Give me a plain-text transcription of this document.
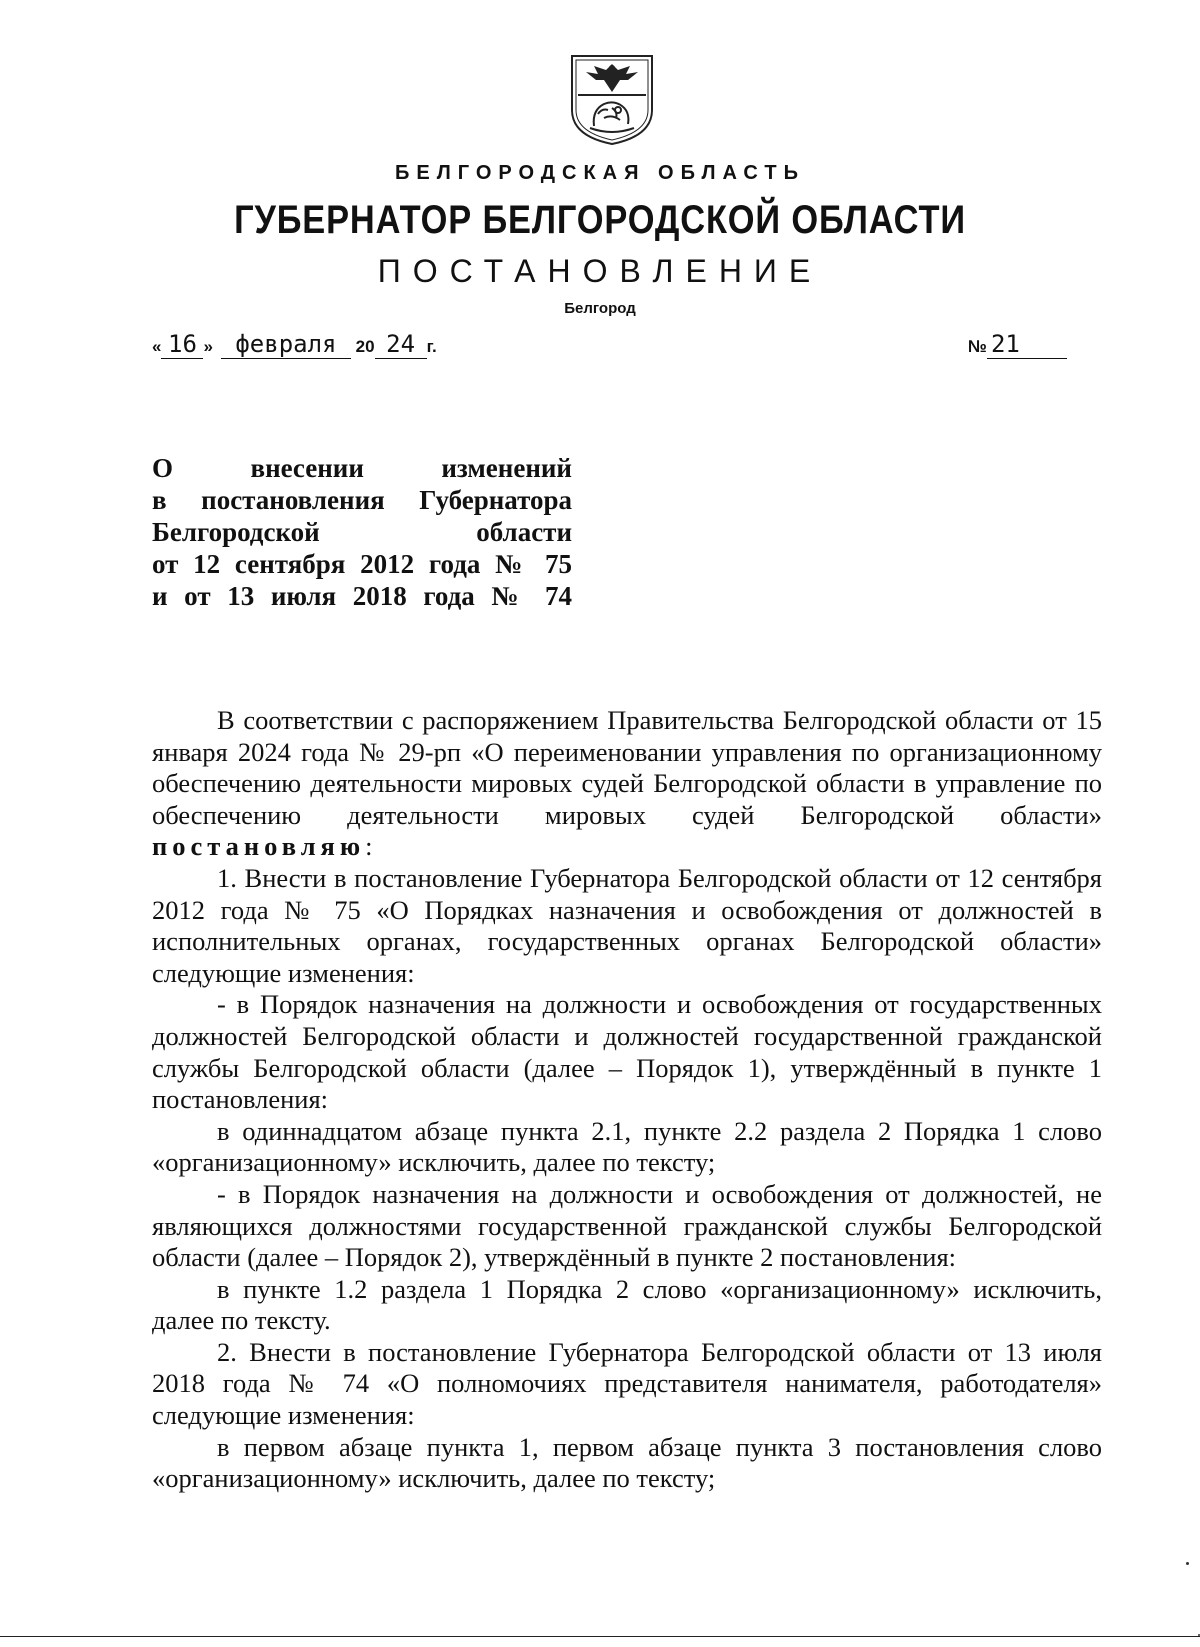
БЕЛГОРОДСКАЯ ОБЛАСТЬ
ГУБЕРНАТОР БЕЛГОРОДСКОЙ ОБЛАСТИ
ПОСТАНОВЛЕНИЕ
Белгород
« 16 » февраля 20 24 г.	№ 21
О	внесении	изменений
в постановления Губернатора
Белгородской	области
от 12 сентября 2012 года № 75
и от 13 июля 2018 года № 74

В соответствии с распоряжением Правительства Белгородской области от 15 января 2024 года № 29-рп «О переименовании управления по организационному обеспечению деятельности мировых судей Белгородской области в управление по обеспечению деятельности мировых судей Белгородской области» постановляю:

1. Внести в постановление Губернатора Белгородской области от 12 сентября 2012 года № 75 «О Порядках назначения и освобождения от должностей в исполнительных органах, государственных органах Белгородской области» следующие изменения:

- в Порядок назначения на должности и освобождения от государственных должностей Белгородской области и должностей государственной гражданской службы Белгородской области (далее – Порядок 1), утверждённый в пункте 1 постановления:

в одиннадцатом абзаце пункта 2.1, пункте 2.2 раздела 2 Порядка 1 слово «организационному» исключить, далее по тексту;

- в Порядок назначения на должности и освобождения от должностей, не являющихся должностями государственной гражданской службы Белгородской области (далее – Порядок 2), утверждённый в пункте 2 постановления:

в пункте 1.2 раздела 1 Порядка 2 слово «организационному» исключить, далее по тексту.

2. Внести в постановление Губернатора Белгородской области от 13 июля 2018 года № 74 «О полномочиях представителя нанимателя, работодателя» следующие изменения:

в первом абзаце пункта 1, первом абзаце пункта 3 постановления слово «организационному» исключить, далее по тексту;
